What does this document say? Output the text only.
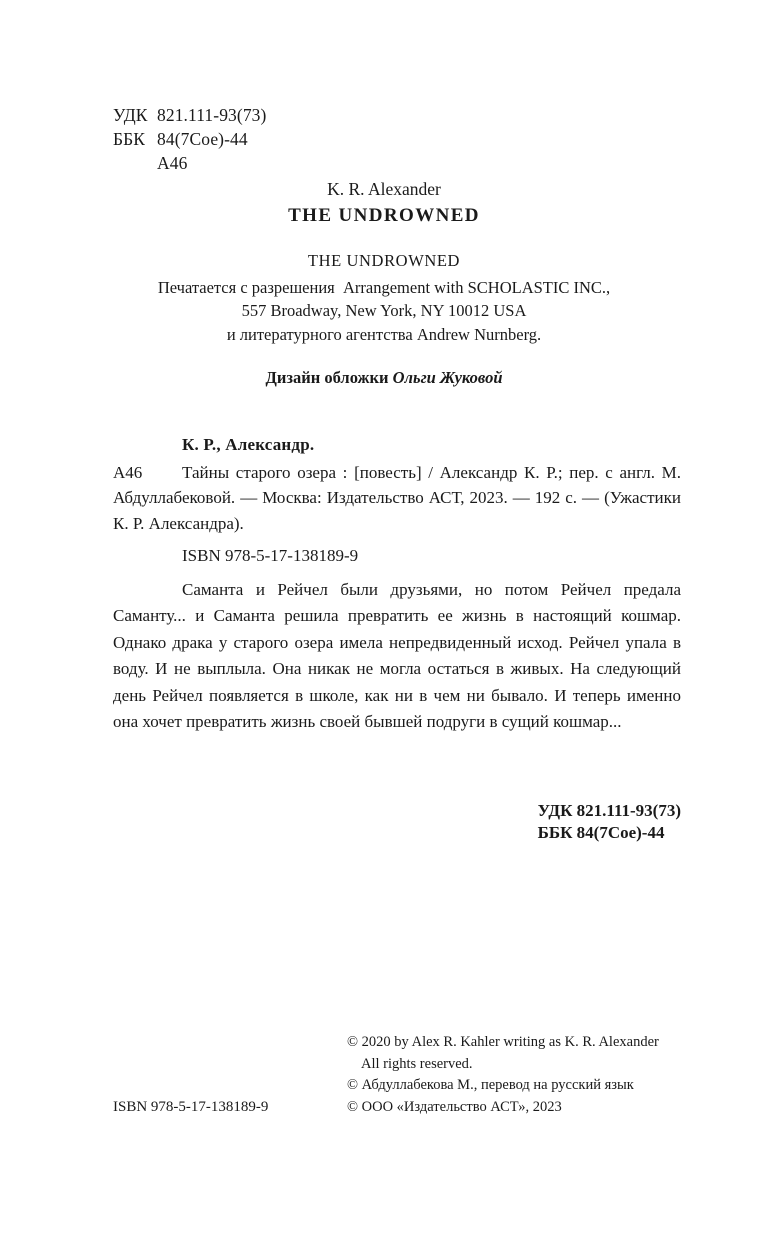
УДК 821.111-93(73)
ББК 84(7Сое)-44
А46
K. R. Alexander
THE UNDROWNED
THE UNDROWNED
Печатается с разрешения  Arrangement with SCHOLASTIC INC.,
557 Broadway, New York, NY 10012 USA
и литературного агентства Andrew Nurnberg.
Дизайн обложки Ольги Жуковой
К. Р., Александр.
А46 Тайны старого озера : [повесть] / Александр К. Р.; пер. с англ. М. Абдуллабековой. — Москва: Издательство АСТ, 2023. — 192 с. — (Ужастики К. Р. Александра).
ISBN 978-5-17-138189-9
Саманта и Рейчел были друзьями, но потом Рейчел предала Саманту... и Саманта решила превратить ее жизнь в настоящий кошмар. Однако драка у старого озера имела непредвиденный исход. Рейчел упала в воду. И не выплыла. Она никак не могла остаться в живых. На следующий день Рейчел появляется в школе, как ни в чем ни бывало. И теперь именно она хочет превратить жизнь своей бывшей подруги в сущий кошмар...
УДК 821.111-93(73)
ББК 84(7Сое)-44
© 2020 by Alex R. Kahler writing as K. R. Alexander
All rights reserved.
© Абдуллабекова М., перевод на русский язык
© ООО «Издательство АСТ», 2023
ISBN 978-5-17-138189-9
